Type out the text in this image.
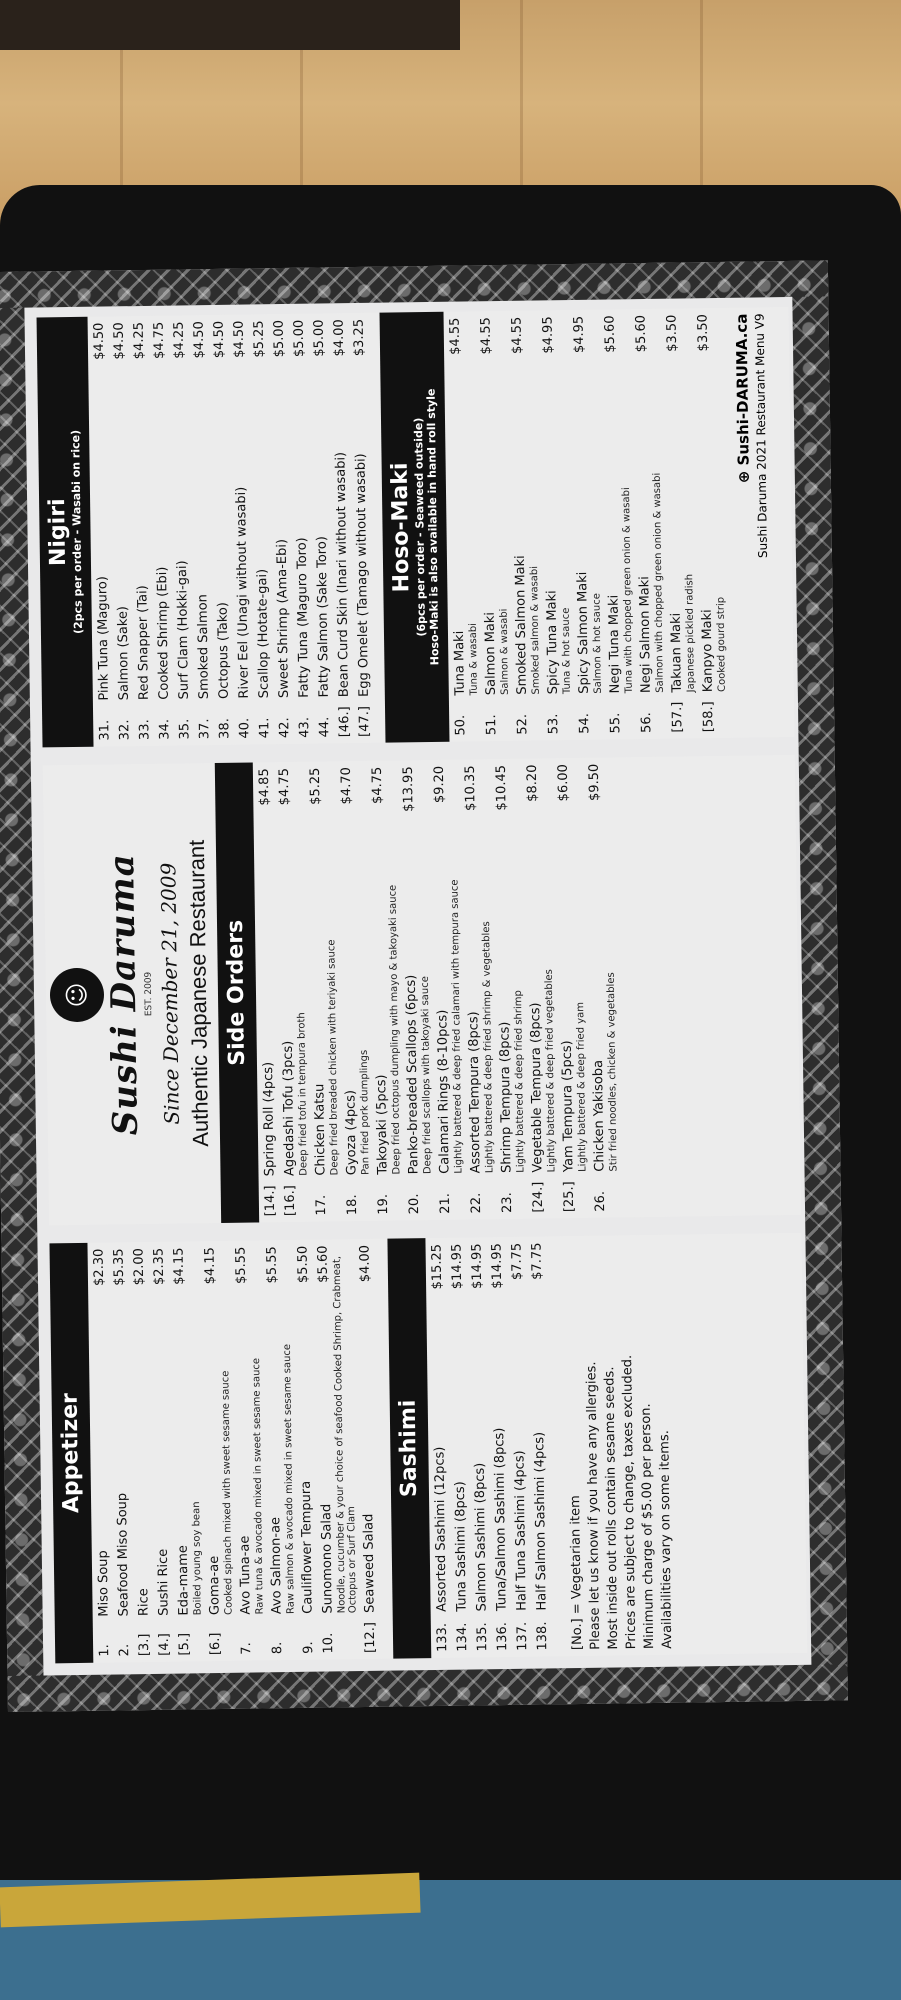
Appetizer
1.
Miso Soup
$2.30
2.
Seafood Miso Soup
$5.35
[3.]
Rice
$2.00
[4.]
Sushi Rice
$2.35
[5.]
Eda-mame
$4.15
Boiled young soy bean
[6.]
Goma-ae
$4.15
Cooked spinach mixed with sweet sesame sauce
7.
Avo Tuna-ae
$5.55
Raw tuna & avocado mixed in sweet sesame sauce
8.
Avo Salmon-ae
$5.55
Raw salmon & avocado mixed in sweet sesame sauce
9.
Cauliflower Tempura
$5.50
10.
Sunomono Salad
$5.60 Noodle, cucumber & your choice of seafood Cooked Shrimp, Crabmeat, Octopus or Surf Clam
[12.]
Seaweed Salad
$4.00
Sashimi
133.
Assorted Sashimi (12pcs)
$15.25
134.
Tuna Sashimi (8pcs)
$14.95
135.
Salmon Sashimi (8pcs)
$14.95
136.
Tuna/Salmon Sashimi (8pcs)
$14.95
137.
Half Tuna Sashimi (4pcs)
$7.75
138.
Half Salmon Sashimi (4pcs)
$7.75
[No.] = Vegetarian item
Please let us know if you have any allergies. Most inside out rolls contain sesame seeds.
Prices are subject to change, taxes excluded. Minimum charge of $5.00 per person. Availabilities vary on some items.
☺ Sushi Daruma
EST. 2009 Since December 21, 2009 Authentic Japanese Restaurant Side Orders
[14.]
Spring Roll (4pcs)
$4.85
[16.]
Agedashi Tofu (3pcs)
$4.75
Deep fried tofu in tempura broth
17.
Chicken Katsu
$5.25
Deep fried breaded chicken with teriyaki sauce
18.
Gyoza (4pcs)
$4.70
Pan fried pork dumplings
19.
Takoyaki (5pcs)
$4.75
Deep fried octopus dumpling with mayo & takoyaki sauce
20.
Panko-breaded Scallops (6pcs)
$13.95
Deep fried scallops with takoyaki sauce
21.
Calamari Rings (8-10pcs)
$9.20
Lightly battered & deep fried calamari with tempura sauce
22.
Assorted Tempura (8pcs)
$10.35
Lightly battered & deep fried shrimp & vegetables
23.
Shrimp Tempura (8pcs)
$10.45
Lightly battered & deep fried shrimp
[24.]
Vegetable Tempura (8pcs)
$8.20
Lightly battered & deep fried vegetables
[25.]
Yam Tempura (5pcs)
$6.00
Lightly battered & deep fried yam
26.
Chicken Yakisoba
$9.50
Stir fried noodles, chicken & vegetables
Nigiri
(2pcs per order - Wasabi on rice)
31.
Pink Tuna (Maguro)
$4.50
32.
Salmon (Sake)
$4.50
33.
Red Snapper (Tai)
$4.25
34.
Cooked Shrimp (Ebi)
$4.75
35.
Surf Clam (Hokki-gai)
$4.25
37.
Smoked Salmon
$4.50
38.
Octopus (Tako)
$4.50
40.
River Eel (Unagi without wasabi)
$4.50
41.
Scallop (Hotate-gai)
$5.25
42.
Sweet Shrimp (Ama-Ebi)
$5.00
43.
Fatty Tuna (Maguro Toro)
$5.00
44.
Fatty Salmon (Sake Toro)
$5.00
[46.]
Bean Curd Skin (Inari without wasabi)
$4.00
[47.]
Egg Omelet (Tamago without wasabi)
$3.25
Hoso-Maki
(6pcs per order - Seaweed outside)
Hoso-Maki is also available in hand roll style
50.
Tuna Maki
$4.55
Tuna & wasabi
51.
Salmon Maki
$4.55
Salmon & wasabi
52.
Smoked Salmon Maki
$4.55
Smoked salmon & wasabi
53.
Spicy Tuna Maki
$4.95
Tuna & hot sauce
54.
Spicy Salmon Maki
$4.95
Salmon & hot sauce
55.
Negi Tuna Maki
$5.60
Tuna with chopped green onion & wasabi
56.
Negi Salmon Maki
$5.60
Salmon with chopped green onion & wasabi
[57.]
Takuan Maki
$3.50
Japanese pickled radish
[58.]
Kanpyo Maki
$3.50
Cooked gourd strip
⊕ Sushi-DARUMA.ca Sushi Daruma 2021 Restaurant Menu V9
